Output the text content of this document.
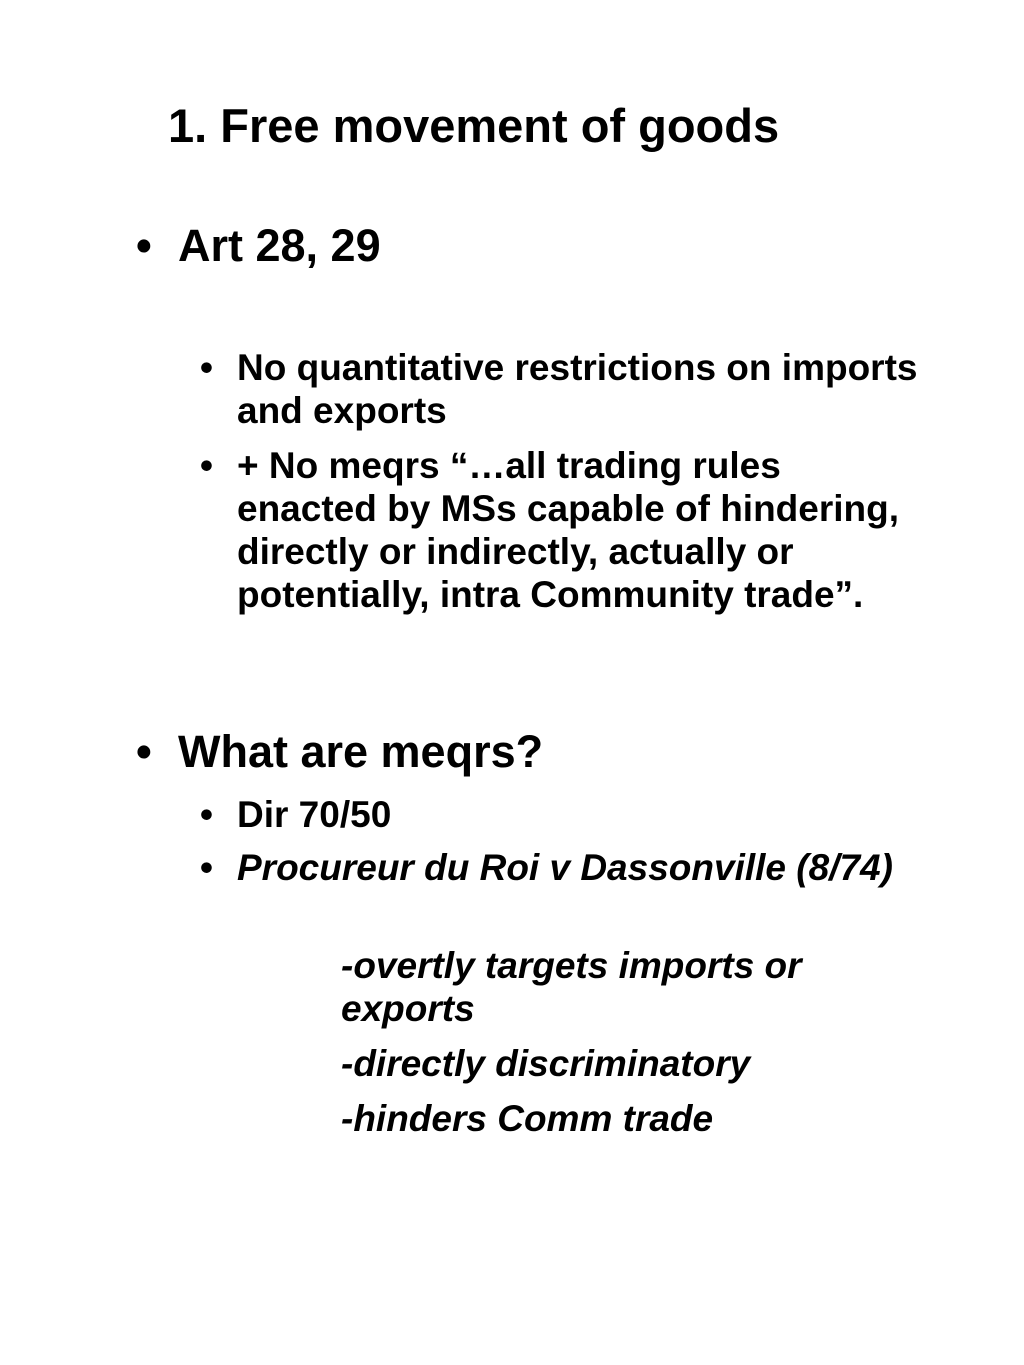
1. Free movement of goods
• Art 28, 29
• No quantitative restrictions on imports and exports
• + No meqrs “…all trading rules enacted by MSs capable of hindering, directly or indirectly, actually or potentially, intra Community trade”.
• What are meqrs?
• Dir 70/50
• Procureur du Roi v Dassonville (8/74)
-overtly targets imports or exports
-directly discriminatory
-hinders Comm trade
